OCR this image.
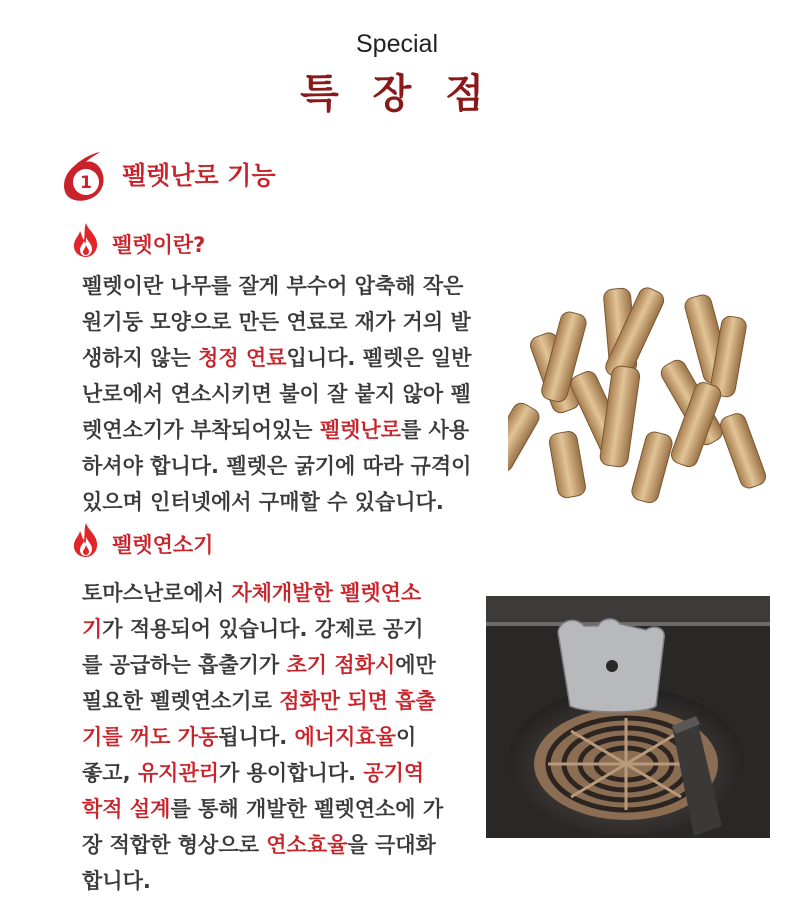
Special
특 장 점
1 펠렛난로 기능
펠렛이란?
펠렛이란 나무를 잘게 부수어 압축해 작은
원기둥 모양으로 만든 연료로 재가 거의 발
생하지 않는 청정 연료입니다. 펠렛은 일반
난로에서 연소시키면 불이 잘 붙지 않아 펠
렛연소기가 부착되어있는 펠렛난로를 사용
하셔야 합니다. 펠렛은 굵기에 따라 규격이
있으며 인터넷에서 구매할 수 있습니다.
펠렛연소기
토마스난로에서 자체개발한 펠렛연소
기가 적용되어 있습니다. 강제로 공기
를 공급하는 흡출기가 초기 점화시에만
필요한 펠렛연소기로 점화만 되면 흡출
기를 꺼도 가동됩니다. 에너지효율이
좋고, 유지관리가 용이합니다. 공기역
학적 설계를 통해 개발한 펠렛연소에 가
장 적합한 형상으로 연소효율을 극대화
합니다.
